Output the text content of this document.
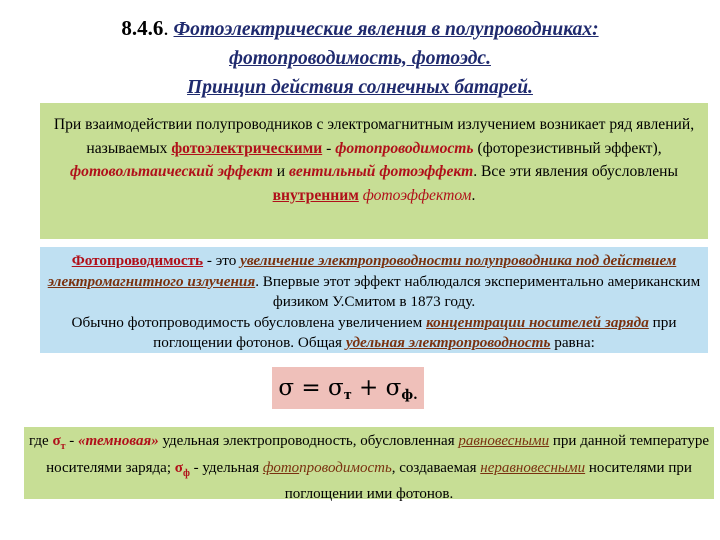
8.4.6. Фотоэлектрические явления в полупроводниках:
фотопроводимость, фотоэдс.
Принцип действия солнечных батарей.
При взаимодействии полупроводников с электромагнитным излучением возникает ряд явлений, называемых фотоэлектрическими - фотопроводимость (фоторезистивный эффект), фотовольтаический эффект и вентильный фотоэффект. Все эти явления обусловлены внутренним фотоэффектом.
Фотопроводимость - это увеличение электропроводности полупроводника под действием электромагнитного излучения. Впервые этот эффект наблюдался экспериментально американским физиком У.Смитом в 1873 году.
Обычно фотопроводимость обусловлена увеличением концентрации носителей заряда при поглощении фотонов. Общая удельная электропроводность равна:
$\sigma = \sigma_т + \sigma_{ф.}$
где $\sigma_т$ - «темновая» удельная электропроводность, обусловленная равновесными при данной температуре носителями заряда; $\sigma_ф$ - удельная фотопроводимость, создаваемая неравновесными носителями при поглощении ими фотонов.
